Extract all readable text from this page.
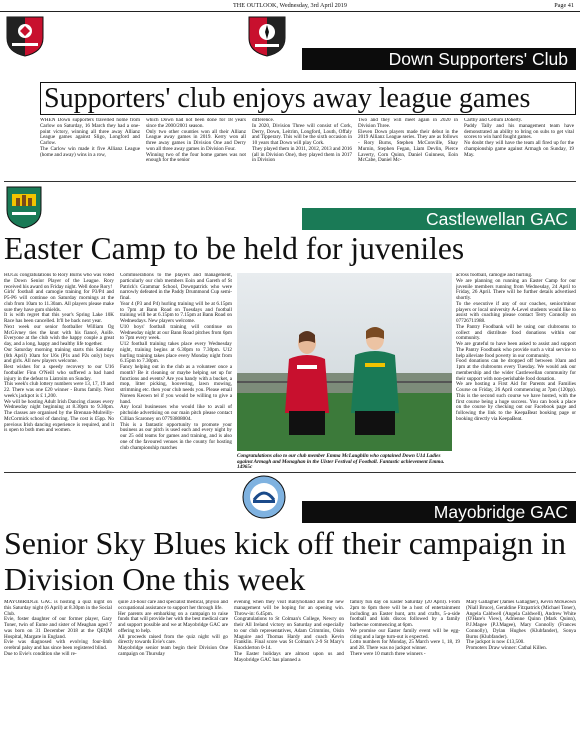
THE OUTLOOK, Wednesday, 3rd April 2019	Page 41
Down Supporters' Club
Supporters' club enjoys away league games

WHEN Down supporters travelled home from Carlow on Saturday, 16 March they had a one-point victory, winning all three away Allianz League games against Sligo, Longford and Carlow.
The Carlow win made it five Allianz League (home and away) wins in a row,

which Down had not been done for 18 years since the 2000/2001 season.
Only two other counties won all their Allianz League away games in 2019. Kerry won all three away games in Division One and Derry won all three away games in Division Four.
Winning two of the four home games was not enough for the senior

difference.
In 2020, Division Three will consist of Cork, Derry, Down, Leitrim, Longford, Louth, Offaly and Tipperary. This will be the sixth occasion in 10 years that Down will play Cork.
They played them in 2011, 2012, 2013 and 2016 (all in Division One), they played them in 2017 in Division

Two and they will meet again in 2020 in Division Three.
Eleven Down players made their debut in the 2019 Allianz League series. They are as follows - Rory Burns, Stephen McConville, Shay Murnin, Stephen Fegan, Liam Devlin, Pierce Laverty, Corn Quinn, Daniel Guinness, Eoin McCabe, Daniel Mc-

Carthy and Cellum Doherty.
Paddy Tally and his management team have demonstrated an ability to bring on subs to get vital scores to win hard fought games.
No doubt they will have the team all fired up for the championship game against Armagh on Sunday, 19 May.

Castlewellan GAC
Easter Camp to be held for juveniles

HUGE congratulations to Rory Burns who was voted the Down Senior Player of the League. Rory received his award on Friday night. Well done Rory!
Girls' football and camogie training for P3/P4 and P5-P6 will continue on Saturday mornings at the club from 10am to 11.30am. All players please make sure they have gum shields.
It is with regret that this year's Spring Lake 10K Race has been cancelled. It'll be back next year.
Next week our senior footballer William Og McGivney ties the knot with his fiancé, Aoife. Everyone at the club wish the happy couple a great day, and a long, happy and healthy life together.
Our Saturday morning training starts this Saturday (6th April) 10am for U6s (P1s and P2s only) boys and girls. All new players welcome.
Best wishes for a speedy recovery to our U16 footballer Finn O'Neill who suffered a bad hand injury in the defeat to Liatroim on Sunday.
This week's club lottery numbers were 13, 17, 19 and 22. There was one £20 winner - Burns family. Next week's jackpot is £ 1,200.
We will be hosting Adult Irish Dancing classes every Wednesday night beginning at 8.30pm to 9.30pm. The classes are organised by the Brennan-Mulreilly-McCormick school of dancing. The cost is £5pp. No previous Irish dancing experience is required, and it is open to both men and women.

Commiserations to the players and management, particularly our club members Eoin and Gareth of St Patrick's Grammar School, Downpatrick who were narrowly defeated in the Paddy Drummond Cup semi-final.
Year 4 (P3 and P4) hurling training will be at 6.15pm to 7pm at Bann Road on Tuesdays and football training will be at 6.15pm to 7.15pm at Bann Road on Wednesdays. New players welcome.
U10 boys' football training will continue on Wednesday night at our Bann Road pitches from 6pm to 7pm every week.
U12 football training takes place every Wednesday night, training begins at 6.30pm to 7.30pm. U12 hurling training takes place every Monday night from 6.15pm to 7.30pm.
Fancy helping out in the club as a volunteer once a month? Be it cleaning or maybe helping set up for functions and events? Are you handy with a bucket, a mop, litter picking, hoovering, lawn mowing, strimming etc. then your club needs you. Please email Noreen Keown tel if you would be willing to give a hand.
Any local businesses who would like to avail of pitchside advertising on our main pitch please contact Cillian Scaroney on 07793808004.
This is a fantastic opportunity to promote your business as our pitch is used each and every night by our 25 odd teams for games and training, and is also one of the favoured venues in the county for hosting club championship matches

Congratulations also to our club member Emma McLaughlin who captained Down U14 Ladies against Armagh and Monaghan in the Ulster Festival of Football. Fantastic achievement Emma. 14965c

across football, camogie and hurling.
We are planning on running an Easter Camp for our juvenile members running from Wednesday, 24 April to Friday, 26 April. There will be further details advertised shortly.
To the executive if any of our coaches, senior/minor players or local university A-Level students would like to assist with coaching please contact Terry Connolly on 07726711988.
The Pantry Foodbank will be using our clubrooms to collect and distribute food donations within our community.
We are grateful to have been asked to assist and support The Pantry Foodbank who provide such a vital service to help alleviate food poverty in our community.
Food donations can be dropped off between 10am and 1pm at the clubrooms every Tuesday. We would ask our membership and the wider Castlewellan community for their support with non-perishable food donation.
We are hosting a First Aid for Parents and Families Course on Friday, 26 April commencing at 7pm (120pp). This is the second such course we have hosted, with the first course being a huge success. You can book a place on the course by checking out our Facebook page and following the link to the KeepaBeat booking page or booking directly via KeepaBeat.

Mayobridge GAC
Senior Sky Blues kick off their campaign in Division One this week

MAYOBRIDGE GAC is hosting a quiz night on this Saturday night (6 April) at 8.30pm in the Social Club.
Evie, foster daughter of our former player, Gary Toner, twin of Eume and sister of Meaghan aged 7 was born on 31 December 2018 at the QEQM Hospital, Margate in England.
Evie was diagnosed with evolving four-limb cerebral palsy and has since been registered blind.
Due to Evie's condition she will re-

quire 24-hour care and specialist medical, physio and occupational assistance to support her through life.
Her parents are embarking on a campaign to raise funds that will provide her with the best medical care and support possible and we at Mayobridge GAC are offering to help.
All proceeds raised from the quiz night will go directly towards Evie's care.
Mayobridge senior team begin their Division One campaign on Thursday

evening when they visit Ballyholland and the new management will be hoping for an opening win. Throw-in: 6.45pm.
Congratulations to St Colman's College, Newry on their All Ireland victory on Saturday and especially to our club representatives, Adam Crimmins, Oisin Maguire and Thomas Hardy and coach Kevin Franklin. Final score was St Colman's 2-9 St Mary's Knocklerton 0-14.
The Easter holidays are almost upon us and Mayobridge GAC has planned a

family fun day on Easter Saturday (20 April). From 2pm to 6pm there will be a host of entertainment including an Easter hunt, arts and crafts, 5-a-side football and kids discos followed by a family barbecue commencing at 6pm.
We promise our Easter family event will be egg-citing and a large turn-out is expected.
Lotto numbers for Monday, 25 March were 1, 18, 19 and 28. There was no jackpot winner.
There were 10 match three winners -

Mary Gallagher (James Gallagher), Kevin McKeown (Niall Bruce), Geraldine Fitzpatrick (Michael Toner), Angela Caldwell (Angela Caldwell), Andrew White (O'Hare's View), Adrienne Quinn (Mark Quinn), P.J.Magee (P.J.Magee), Mary Connolly (Frances Connolly), Dylan Hughes (Klubfander), Sonya Burns (Klubfander).
The jackpot is now £13,500.
Promoters Draw winner: Cathal Killen.
